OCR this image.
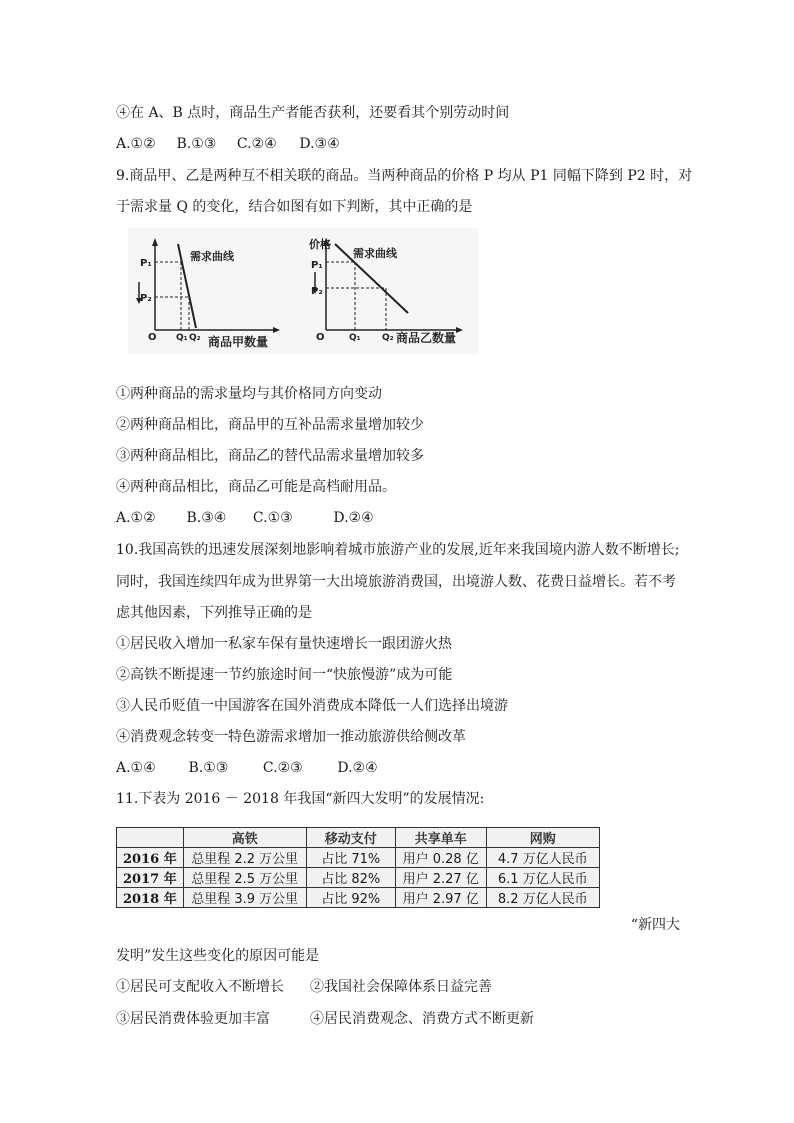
④在 A、B 点时，商品生产者能否获利，还要看其个别劳动时间
A.①② B.①③ C.②④ D.③④
9.商品甲、乙是两种互不相关联的商品。当两种商品的价格 P 均从 P1 同幅下降到 P2 时，对
于需求量 Q 的变化，结合如图有如下判断，其中正确的是
需求曲线
P₁
P₂
O Q₁ Q₂ 商品甲数量
价格
需求曲线
P₁
P₂
O	Q₁ Q₂ 商品乙数量
①两种商品的需求量均与其价格同方向变动
②两种商品相比，商品甲的互补品需求量增加较少
③两种商品相比，商品乙的替代品需求量增加较多
④两种商品相比，商品乙可能是高档耐用品。
A.①② B.③④ C.①③	D.②④
10.我国高铁的迅速发展深刻地影响着城市旅游产业的发展,近年来我国境内游人数不断增长;
同时，我国连续四年成为世界第一大出境旅游消费国，出境游人数、花费日益增长。若不考
虑其他因素，下列推导正确的是
①居民收入增加一私家车保有量快速增长一跟团游火热
②高铁不断提速一节约旅途时间一“快旅慢游”成为可能
③人民币贬值一中国游客在国外消费成本降低一人们选择出境游
④消费观念转变一特色游需求增加一推动旅游供给侧改革
A.①④ B.①③ C.②③ D.②④
11.下表为 2016 － 2018 年我国“新四大发明”的发展情况:
	高铁	移动支付	共享单车	网购
2016 年	总里程 2.2 万公里	占比 71%	用户 0.28 亿	4.7 万亿人民币
2017 年	总里程 2.5 万公里	占比 82%	用户 2.27 亿	6.1 万亿人民币
2018 年	总里程 3.9 万公里	占比 92%	用户 2.97 亿	8.2 万亿人民币
“新四大
发明”发生这些变化的原因可能是
①居民可支配收入不断增长 ②我国社会保障体系日益完善
③居民消费体验更加丰富	④居民消费观念、消费方式不断更新
